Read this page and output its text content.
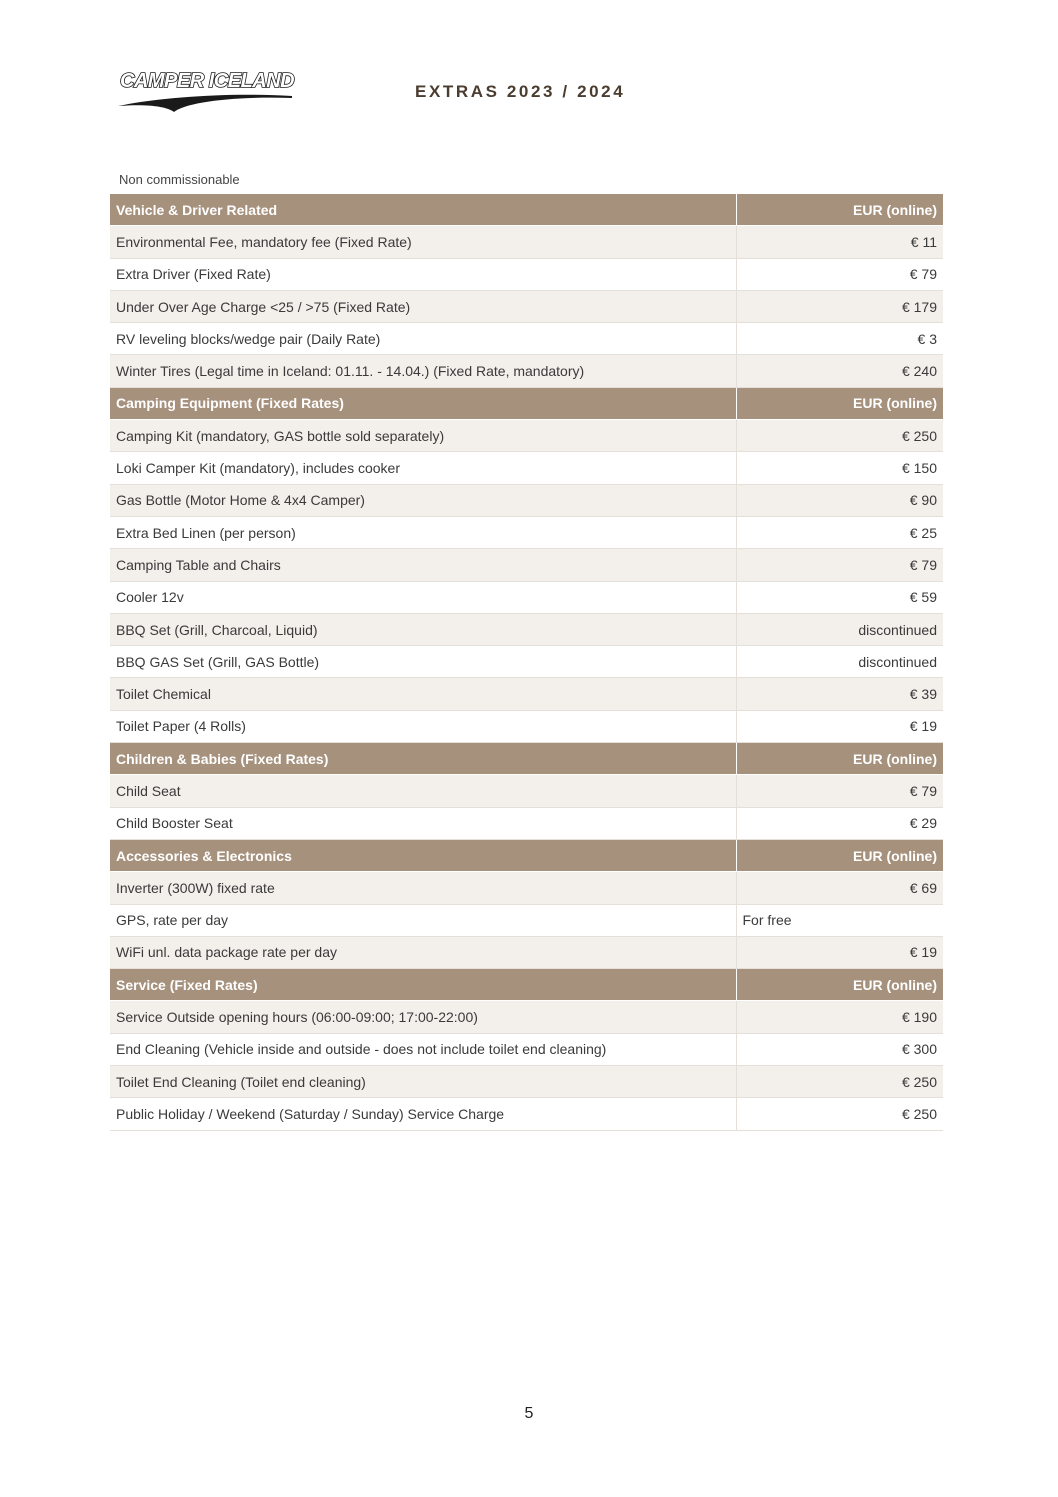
CAMPER ICELAND	EXTRAS 2023 / 2024
Non commissionable
Vehicle & Driver Related	EUR (online)
Environmental Fee, mandatory fee (Fixed Rate)	€ 11
Extra Driver (Fixed Rate)	€ 79
Under Over Age Charge <25 / >75 (Fixed Rate)	€ 179
RV leveling blocks/wedge pair (Daily Rate)	€ 3
Winter Tires (Legal time in Iceland: 01.11. - 14.04.) (Fixed Rate, mandatory)	€ 240
Camping Equipment (Fixed Rates)	EUR (online)
Camping Kit (mandatory, GAS bottle sold separately)	€ 250
Loki Camper Kit (mandatory), includes cooker	€ 150
Gas Bottle (Motor Home & 4x4 Camper)	€ 90
Extra Bed Linen (per person)	€ 25
Camping Table and Chairs	€ 79
Cooler 12v	€ 59
BBQ Set (Grill, Charcoal, Liquid)	discontinued
BBQ GAS Set (Grill, GAS Bottle)	discontinued
Toilet Chemical	€ 39
Toilet Paper (4 Rolls)	€ 19
Children & Babies (Fixed Rates)	EUR (online)
Child Seat	€ 79
Child Booster Seat	€ 29
Accessories & Electronics	EUR (online)
Inverter (300W) fixed rate	€ 69
GPS, rate per day	For free
WiFi unl. data package rate per day	€ 19
Service (Fixed Rates)	EUR (online)
Service Outside opening hours (06:00-09:00; 17:00-22:00)	€ 190
End Cleaning (Vehicle inside and outside - does not include toilet end cleaning)	€ 300
Toilet End Cleaning (Toilet end cleaning)	€ 250
Public Holiday / Weekend (Saturday / Sunday) Service Charge	€ 250
5
